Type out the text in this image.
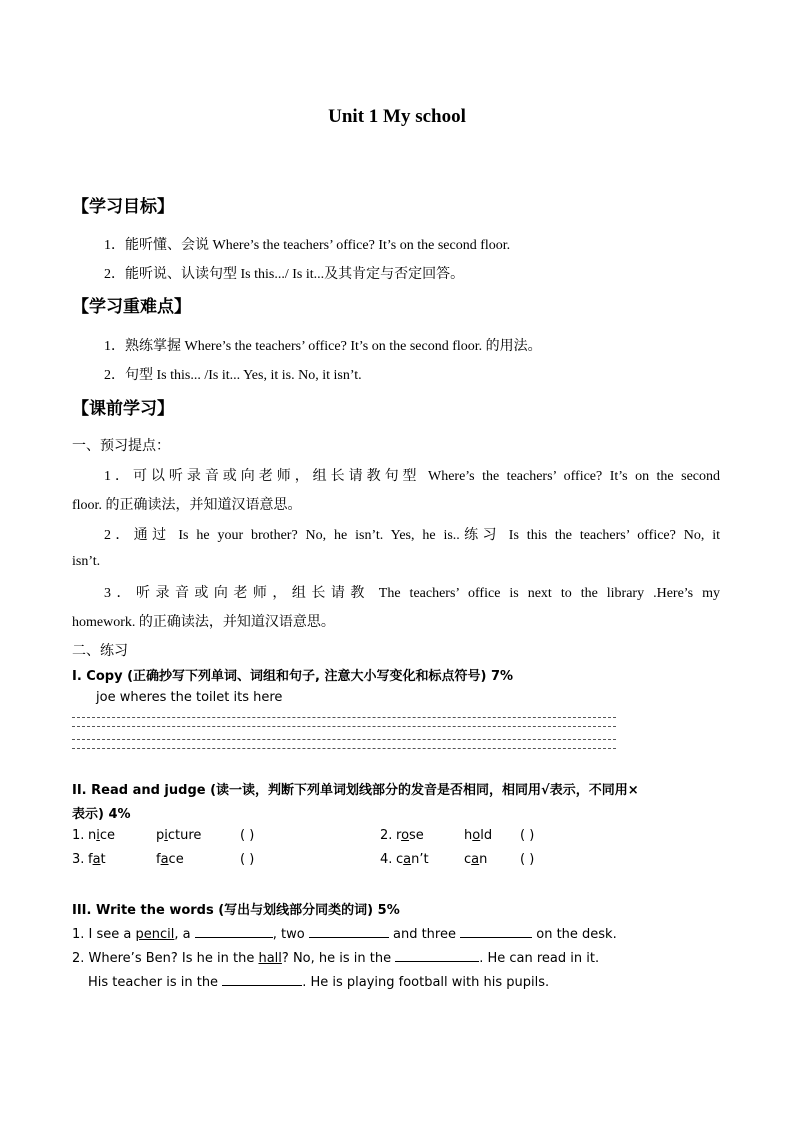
Unit 1 My school
【学习目标】
1．能听懂、会说 Where’s the teachers’ office? It’s on the second floor.
2．能听说、认读句型 Is this.../ Is it...及其肯定与否定回答。
【学习重难点】
1．熟练掌握 Where’s the teachers’ office? It’s on the second floor. 的用法。
2．句型 Is this... /Is it... Yes, it is. No, it isn’t.
【课前学习】
一、预习提点：
1．可以听录音或向老师，组长请教句型 Where’s the teachers’ office? It’s on the second
floor. 的正确读法，并知道汉语意思。
2．通过 Is he your brother? No, he isn’t. Yes, he is..练习 Is this the teachers’ office? No, it
isn’t.
3．听录音或向老师，组长请教 The teachers’ office is next to the library .Here’s my
homework. 的正确读法，并知道汉语意思。
二、练习
I. Copy (正确抄写下列单词、词组和句子, 注意大小写变化和标点符号) 7%
joe wheres the toilet its here
II. Read and judge (读一读，判断下列单词划线部分的发音是否相同，相同用√表示，不同用×
表示) 4%
1. nice	picture	( )	2. rose	hold ( )
3. fat	face	( )	4. can’t	can	( )
III. Write the words (写出与划线部分同类的词) 5%
1. I see a pencil, a	, two	and three	on the desk.
2. Where’s Ben? Is he in the hall? No, he is in the	. He can read in it.
His teacher is in the	. He is playing football with his pupils.
